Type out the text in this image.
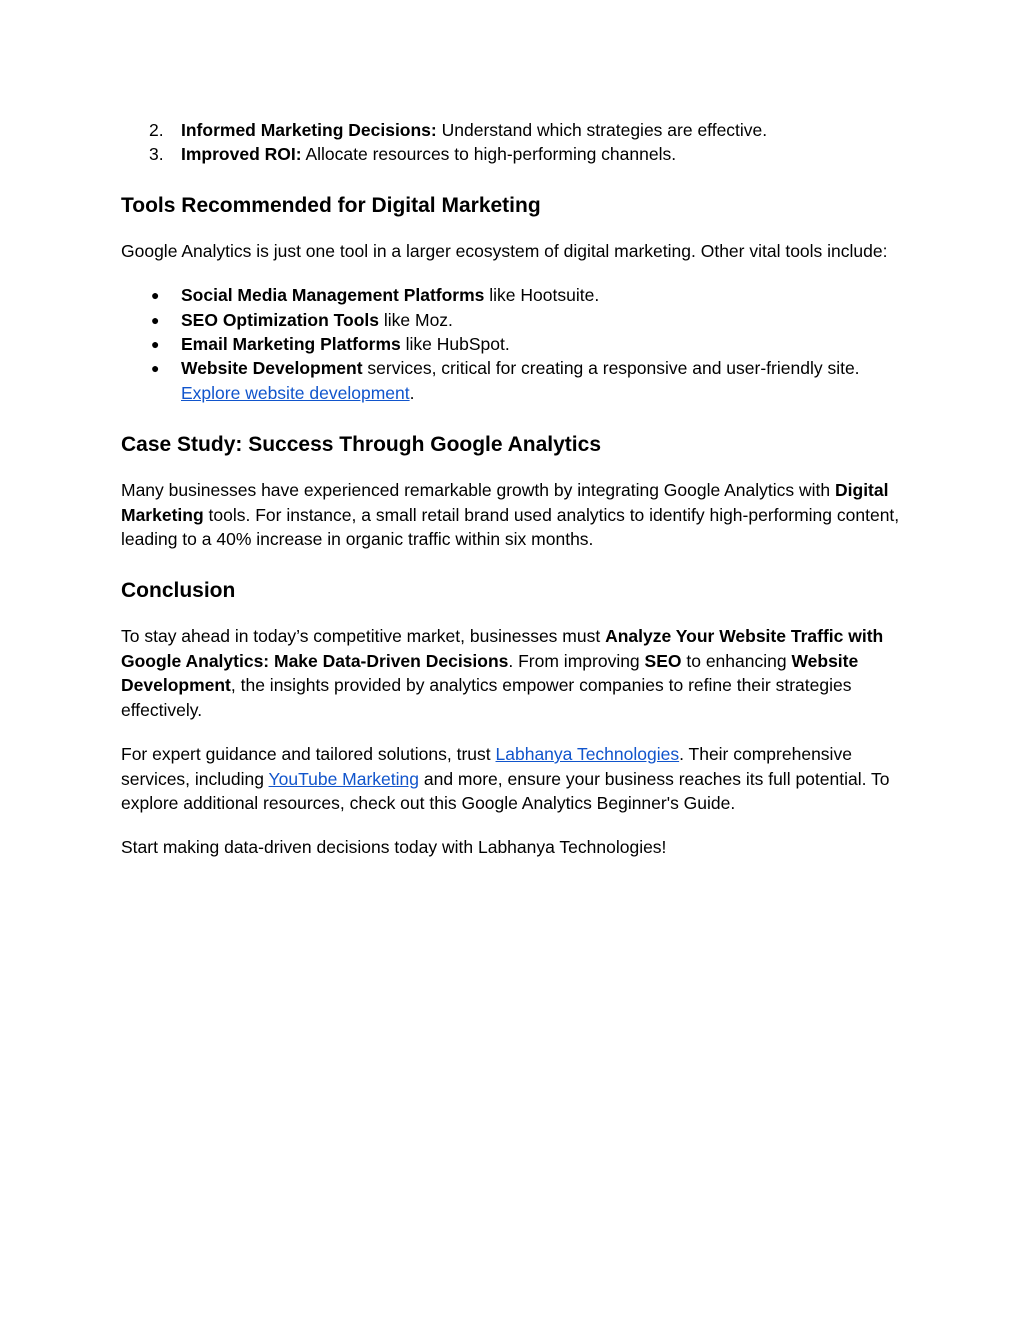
2. Informed Marketing Decisions: Understand which strategies are effective.
3. Improved ROI: Allocate resources to high-performing channels.
Tools Recommended for Digital Marketing

Google Analytics is just one tool in a larger ecosystem of digital marketing. Other vital tools include:

● Social Media Management Platforms like Hootsuite.
● SEO Optimization Tools like Moz.
● Email Marketing Platforms like HubSpot.
● Website Development services, critical for creating a responsive and user-friendly site. Explore website development.
Case Study: Success Through Google Analytics

Many businesses have experienced remarkable growth by integrating Google Analytics with Digital Marketing tools. For instance, a small retail brand used analytics to identify high-performing content, leading to a 40% increase in organic traffic within six months.

Conclusion

To stay ahead in today’s competitive market, businesses must Analyze Your Website Traffic with Google Analytics: Make Data-Driven Decisions. From improving SEO to enhancing Website Development, the insights provided by analytics empower companies to refine their strategies effectively.

For expert guidance and tailored solutions, trust Labhanya Technologies. Their comprehensive services, including YouTube Marketing and more, ensure your business reaches its full potential. To explore additional resources, check out this Google Analytics Beginner's Guide.

Start making data-driven decisions today with Labhanya Technologies!
